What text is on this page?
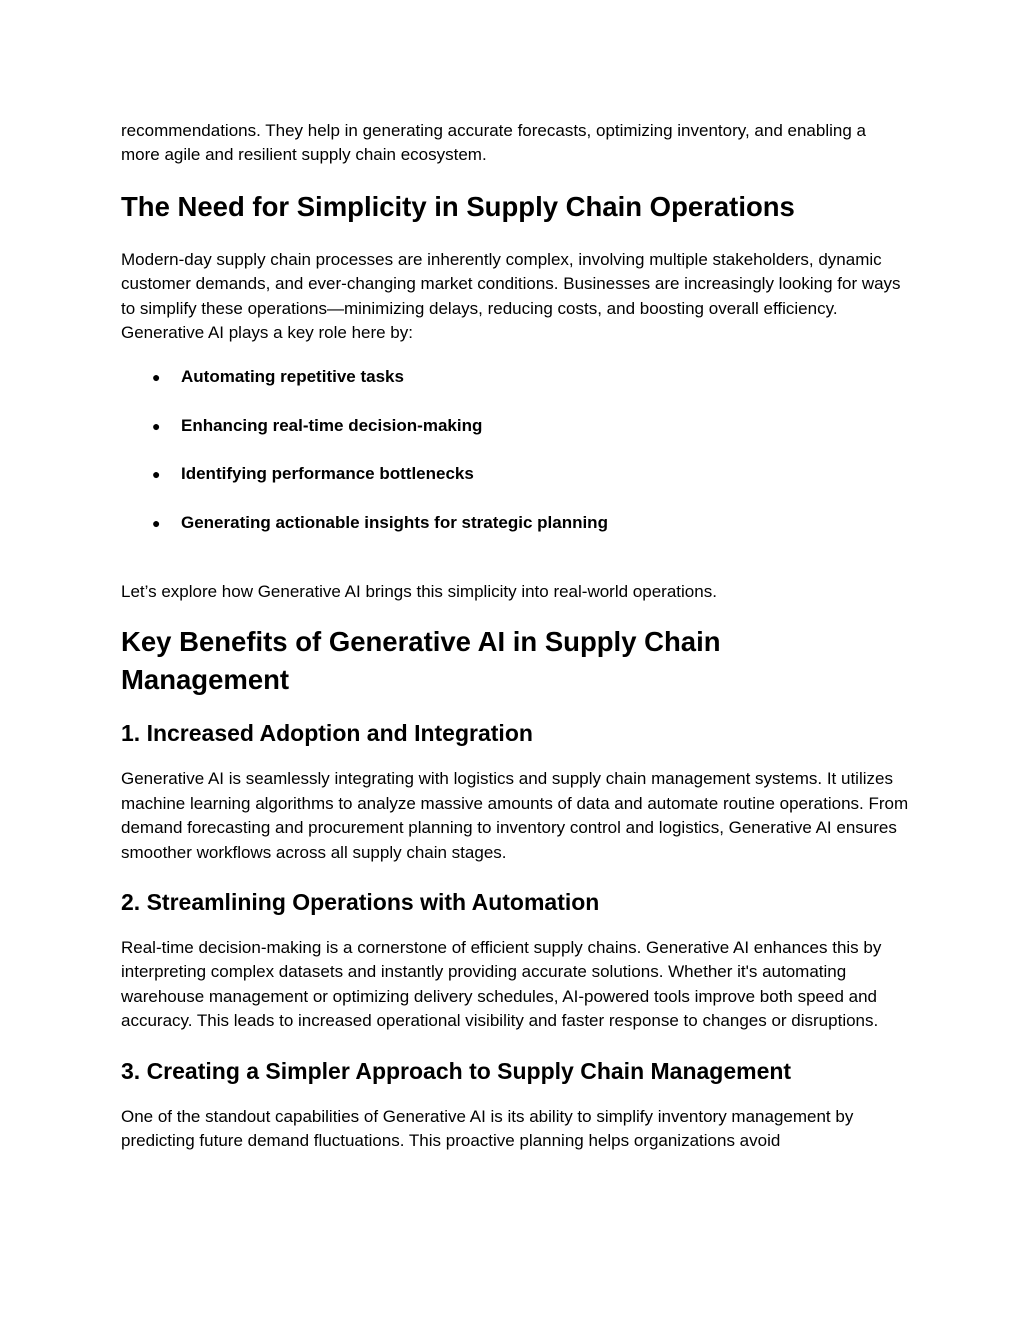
recommendations. They help in generating accurate forecasts, optimizing inventory, and enabling a more agile and resilient supply chain ecosystem.

The Need for Simplicity in Supply Chain Operations

Modern-day supply chain processes are inherently complex, involving multiple stakeholders, dynamic customer demands, and ever-changing market conditions. Businesses are increasingly looking for ways to simplify these operations—minimizing delays, reducing costs, and boosting overall efficiency. Generative AI plays a key role here by:

● Automating repetitive tasks
● Enhancing real-time decision-making
● Identifying performance bottlenecks
● Generating actionable insights for strategic planning

Let’s explore how Generative AI brings this simplicity into real-world operations.

Key Benefits of Generative AI in Supply Chain Management
1. Increased Adoption and Integration

Generative AI is seamlessly integrating with logistics and supply chain management systems. It utilizes machine learning algorithms to analyze massive amounts of data and automate routine operations. From demand forecasting and procurement planning to inventory control and logistics, Generative AI ensures smoother workflows across all supply chain stages.

2. Streamlining Operations with Automation

Real-time decision-making is a cornerstone of efficient supply chains. Generative AI enhances this by interpreting complex datasets and instantly providing accurate solutions. Whether it's automating warehouse management or optimizing delivery schedules, AI-powered tools improve both speed and accuracy. This leads to increased operational visibility and faster response to changes or disruptions.

3. Creating a Simpler Approach to Supply Chain Management

One of the standout capabilities of Generative AI is its ability to simplify inventory management by predicting future demand fluctuations. This proactive planning helps organizations avoid
